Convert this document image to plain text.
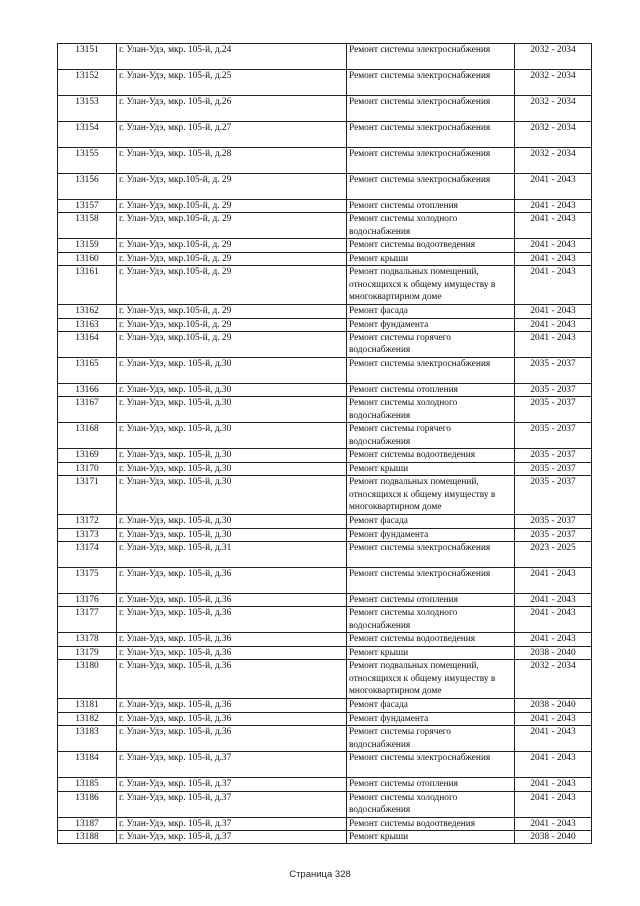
13151	г. Улан-Удэ, мкр. 105-й, д.24	Ремонт системы электроснабжения	2032 - 2034
13152	г. Улан-Удэ, мкр. 105-й, д.25	Ремонт системы электроснабжения	2032 - 2034
13153	г. Улан-Удэ, мкр. 105-й, д.26	Ремонт системы электроснабжения	2032 - 2034
13154	г. Улан-Удэ, мкр. 105-й, д.27	Ремонт системы электроснабжения	2032 - 2034
13155	г. Улан-Удэ, мкр. 105-й, д.28	Ремонт системы электроснабжения	2032 - 2034
13156	г. Улан-Удэ, мкр.105-й, д. 29	Ремонт системы электроснабжения	2041 - 2043
13157	г. Улан-Удэ, мкр.105-й, д. 29	Ремонт системы отопления	2041 - 2043
13158	г. Улан-Удэ, мкр.105-й, д. 29	Ремонт системы холодного водоснабжения	2041 - 2043
13159	г. Улан-Удэ, мкр.105-й, д. 29	Ремонт системы водоотведения	2041 - 2043
13160	г. Улан-Удэ, мкр.105-й, д. 29	Ремонт крыши	2041 - 2043
13161	г. Улан-Удэ, мкр.105-й, д. 29	Ремонт подвальных помещений, относящихся к общему имуществу в многоквартирном доме	2041 - 2043
13162	г. Улан-Удэ, мкр.105-й, д. 29	Ремонт фасада	2041 - 2043
13163	г. Улан-Удэ, мкр.105-й, д. 29	Ремонт фундамента	2041 - 2043
13164	г. Улан-Удэ, мкр.105-й, д. 29	Ремонт системы горячего водоснабжения	2041 - 2043
13165	г. Улан-Удэ, мкр. 105-й, д.30	Ремонт системы электроснабжения	2035 - 2037
13166	г. Улан-Удэ, мкр. 105-й, д.30	Ремонт системы отопления	2035 - 2037
13167	г. Улан-Удэ, мкр. 105-й, д.30	Ремонт системы холодного водоснабжения	2035 - 2037
13168	г. Улан-Удэ, мкр. 105-й, д.30	Ремонт системы горячего водоснабжения	2035 - 2037
13169	г. Улан-Удэ, мкр. 105-й, д.30	Ремонт системы водоотведения	2035 - 2037
13170	г. Улан-Удэ, мкр. 105-й, д.30	Ремонт крыши	2035 - 2037
13171	г. Улан-Удэ, мкр. 105-й, д.30	Ремонт подвальных помещений, относящихся к общему имуществу в многоквартирном доме	2035 - 2037
13172	г. Улан-Удэ, мкр. 105-й, д.30	Ремонт фасада	2035 - 2037
13173	г. Улан-Удэ, мкр. 105-й, д.30	Ремонт фундамента	2035 - 2037
13174	г. Улан-Удэ, мкр. 105-й, д.31	Ремонт системы электроснабжения	2023 - 2025
13175	г. Улан-Удэ, мкр. 105-й, д.36	Ремонт системы электроснабжения	2041 - 2043
13176	г. Улан-Удэ, мкр. 105-й, д.36	Ремонт системы отопления	2041 - 2043
13177	г. Улан-Удэ, мкр. 105-й, д.36	Ремонт системы холодного водоснабжения	2041 - 2043
13178	г. Улан-Удэ, мкр. 105-й, д.36	Ремонт системы водоотведения	2041 - 2043
13179	г. Улан-Удэ, мкр. 105-й, д.36	Ремонт крыши	2038 - 2040
13180	г. Улан-Удэ, мкр. 105-й, д.36	Ремонт подвальных помещений, относящихся к общему имуществу в многоквартирном доме	2032 - 2034
13181	г. Улан-Удэ, мкр. 105-й, д.36	Ремонт фасада	2038 - 2040
13182	г. Улан-Удэ, мкр. 105-й, д.36	Ремонт фундамента	2041 - 2043
13183	г. Улан-Удэ, мкр. 105-й, д.36	Ремонт системы горячего водоснабжения	2041 - 2043
13184	г. Улан-Удэ, мкр. 105-й, д.37	Ремонт системы электроснабжения	2041 - 2043
13185	г. Улан-Удэ, мкр. 105-й, д.37	Ремонт системы отопления	2041 - 2043
13186	г. Улан-Удэ, мкр. 105-й, д.37	Ремонт системы холодного водоснабжения	2041 - 2043
13187	г. Улан-Удэ, мкр. 105-й, д.37	Ремонт системы водоотведения	2041 - 2043
13188	г. Улан-Удэ, мкр. 105-й, д.37	Ремонт крыши	2038 - 2040
Страница 328
